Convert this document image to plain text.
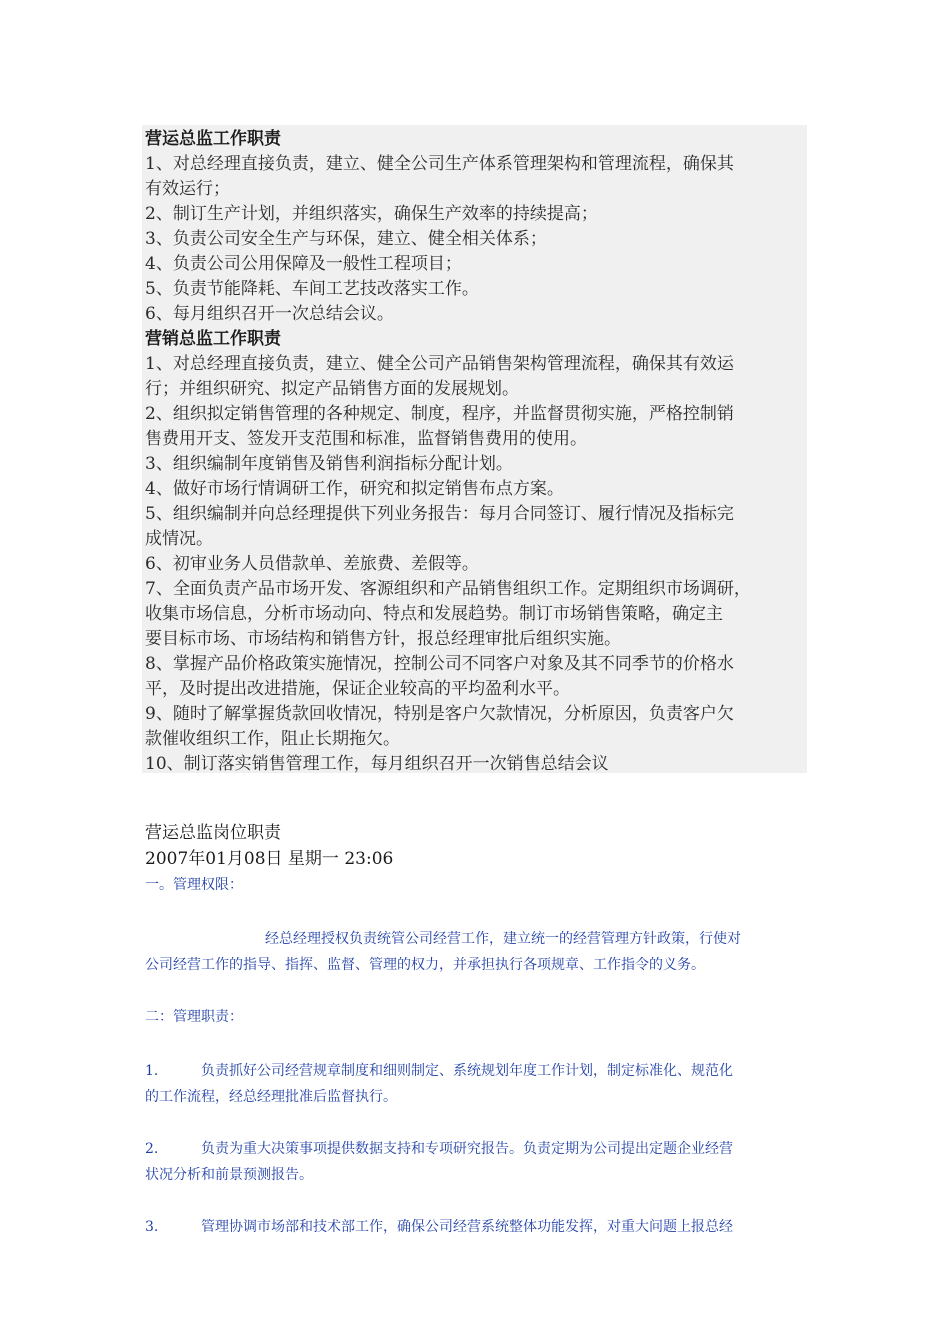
营运总监工作职责
1、对总经理直接负责，建立、健全公司生产体系管理架构和管理流程，确保其
有效运行；
2、制订生产计划，并组织落实，确保生产效率的持续提高；
3、负责公司安全生产与环保，建立、健全相关体系；
4、负责公司公用保障及一般性工程项目；
5、负责节能降耗、车间工艺技改落实工作。
6、每月组织召开一次总结会议。
营销总监工作职责
1、对总经理直接负责，建立、健全公司产品销售架构管理流程，确保其有效运
行；并组织研究、拟定产品销售方面的发展规划。
2、组织拟定销售管理的各种规定、制度，程序，并监督贯彻实施，严格控制销
售费用开支、签发开支范围和标准，监督销售费用的使用。
3、组织编制年度销售及销售利润指标分配计划。
4、做好市场行情调研工作，研究和拟定销售布点方案。
5、组织编制并向总经理提供下列业务报告：每月合同签订、履行情况及指标完
成情况。
6、初审业务人员借款单、差旅费、差假等。
7、全面负责产品市场开发、客源组织和产品销售组织工作。定期组织市场调研，
收集市场信息，分析市场动向、特点和发展趋势。制订市场销售策略，确定主
要目标市场、市场结构和销售方针，报总经理审批后组织实施。
8、掌握产品价格政策实施情况，控制公司不同客户对象及其不同季节的价格水
平，及时提出改进措施，保证企业较高的平均盈利水平。
9、随时了解掌握货款回收情况，特别是客户欠款情况，分析原因，负责客户欠
款催收组织工作，阻止长期拖欠。
10、制订落实销售管理工作，每月组织召开一次销售总结会议
营运总监岗位职责
2007年01月08日 星期一 23:06
一。管理权限：
经总经理授权负责统管公司经营工作，建立统一的经营管理方针政策，行使对
公司经营工作的指导、指挥、监督、管理的权力，并承担执行各项规章、工作指令的义务。
二：管理职责：
1.	负责抓好公司经营规章制度和细则制定、系统规划年度工作计划，制定标准化、规范化
的工作流程，经总经理批准后监督执行。
2.	负责为重大决策事项提供数据支持和专项研究报告。负责定期为公司提出定题企业经营
状况分析和前景预测报告。
3.	管理协调市场部和技术部工作，确保公司经营系统整体功能发挥，对重大问题上报总经
